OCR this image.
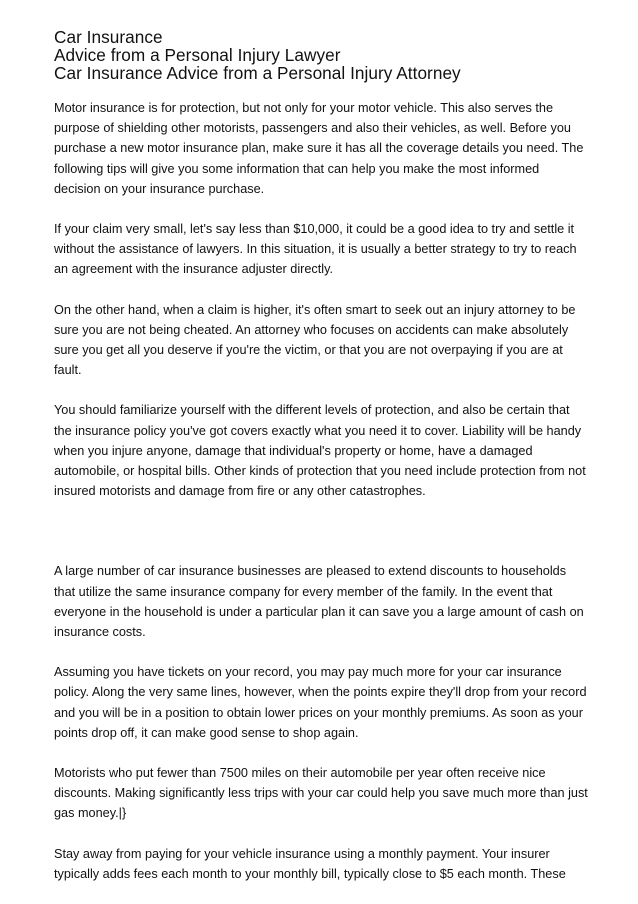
Car Insurance
Advice from a Personal Injury Lawyer
Car Insurance Advice from a Personal Injury Attorney

Motor insurance is for protection, but not only for your motor vehicle. This also serves the purpose of shielding other motorists, passengers and also their vehicles, as well. Before you purchase a new motor insurance plan, make sure it has all the coverage details you need. The following tips will give you some information that can help you make the most informed decision on your insurance purchase.

If your claim very small, let's say less than $10,000, it could be a good idea to try and settle it without the assistance of lawyers. In this situation, it is usually a better strategy to try to reach an agreement with the insurance adjuster directly.

On the other hand, when a claim is higher, it's often smart to seek out an injury attorney to be sure you are not being cheated. An attorney who focuses on accidents can make absolutely sure you get all you deserve if you're the victim, or that you are not overpaying if you are at fault.

You should familiarize yourself with the different levels of protection, and also be certain that the insurance policy you've got covers exactly what you need it to cover. Liability will be handy when you injure anyone, damage that individual's property or home, have a damaged automobile, or hospital bills. Other kinds of protection that you need include protection from not insured motorists and damage from fire or any other catastrophes.

A large number of car insurance businesses are pleased to extend discounts to households that utilize the same insurance company for every member of the family. In the event that everyone in the household is under a particular plan it can save you a large amount of cash on insurance costs.

Assuming you have tickets on your record, you may pay much more for your car insurance policy. Along the very same lines, however, when the points expire they'll drop from your record and you will be in a position to obtain lower prices on your monthly premiums. As soon as your points drop off, it can make good sense to shop again.

Motorists who put fewer than 7500 miles on their automobile per year often receive nice discounts. Making significantly less trips with your car could help you save much more than just gas money.|}

Stay away from paying for your vehicle insurance using a monthly payment. Your insurer typically adds fees each month to your monthly bill, typically close to $5 each month. These
